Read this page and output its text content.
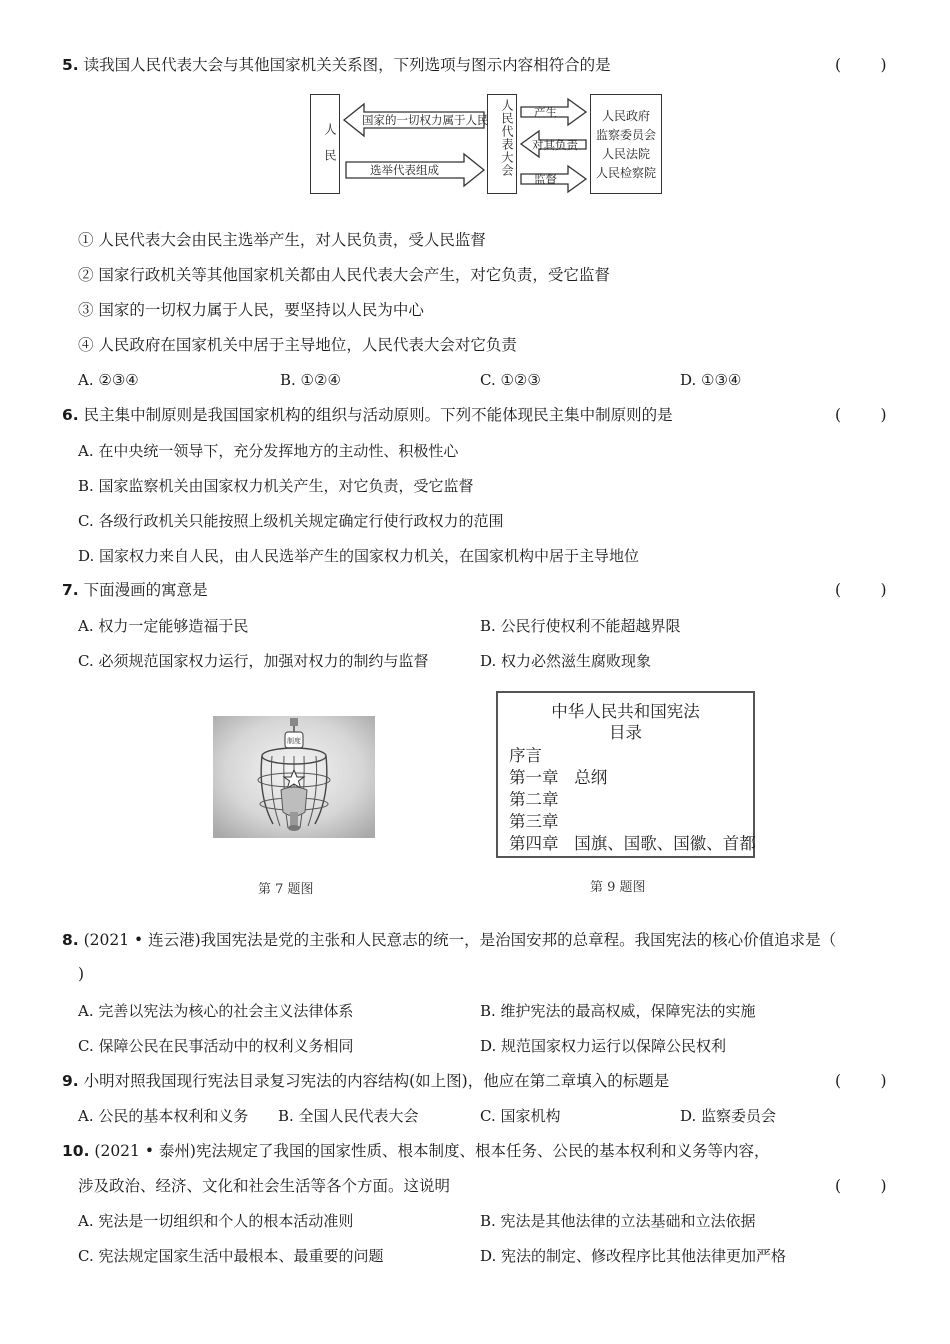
5. 读我国人民代表大会与其他国家机关关系图，下列选项与图示内容相符合的是	(        )
人民	人民代表大会	人民政府
监察委员会
人民法院
人民检察院
国家的一切权力属于人民
选举代表组成
产生
对其负责
监督
① 人民代表大会由民主选举产生，对人民负责，受人民监督
② 国家行政机关等其他国家机关都由人民代表大会产生，对它负责，受它监督
③ 国家的一切权力属于人民，要坚持以人民为中心
④ 人民政府在国家机关中居于主导地位，人民代表大会对它负责
A. ②③④	B. ①②④	C. ①②③	D. ①③④
6. 民主集中制原则是我国国家机构的组织与活动原则。下列不能体现民主集中制原则的是	(        )
A. 在中央统一领导下，充分发挥地方的主动性、积极性心
B. 国家监察机关由国家权力机关产生，对它负责，受它监督
C. 各级行政机关只能按照上级机关规定确定行使行政权力的范围
D. 国家权力来自人民，由人民选举产生的国家权力机关，在国家机构中居于主导地位
7. 下面漫画的寓意是	(        )
A. 权力一定能够造福于民	B. 公民行使权利不能超越界限
C. 必须规范国家权力运行，加强对权力的制约与监督	D. 权力必然滋生腐败现象
制度
第 7 题图
中华人民共和国宪法
目录
序言
第一章   总纲
第二章
第三章
第四章   国旗、国歌、国徽、首都
第 9 题图
8. (2021 • 连云港)我国宪法是党的主张和人民意志的统一，是治国安邦的总章程。我国宪法的核心价值追求是（
)
A. 完善以宪法为核心的社会主义法律体系	B. 维护宪法的最高权威，保障宪法的实施
C. 保障公民在民事活动中的权利义务相同	D. 规范国家权力运行以保障公民权利
9. 小明对照我国现行宪法目录复习宪法的内容结构(如上图)，他应在第二章填入的标题是	(        )
A. 公民的基本权利和义务 B. 全国人民代表大会	C. 国家机构	D. 监察委员会
10. (2021 • 泰州)宪法规定了我国的国家性质、根本制度、根本任务、公民的基本权利和义务等内容，
涉及政治、经济、文化和社会生活等各个方面。这说明	(        )
A. 宪法是一切组织和个人的根本活动准则	B. 宪法是其他法律的立法基础和立法依据
C. 宪法规定国家生活中最根本、最重要的问题	D. 宪法的制定、修改程序比其他法律更加严格
